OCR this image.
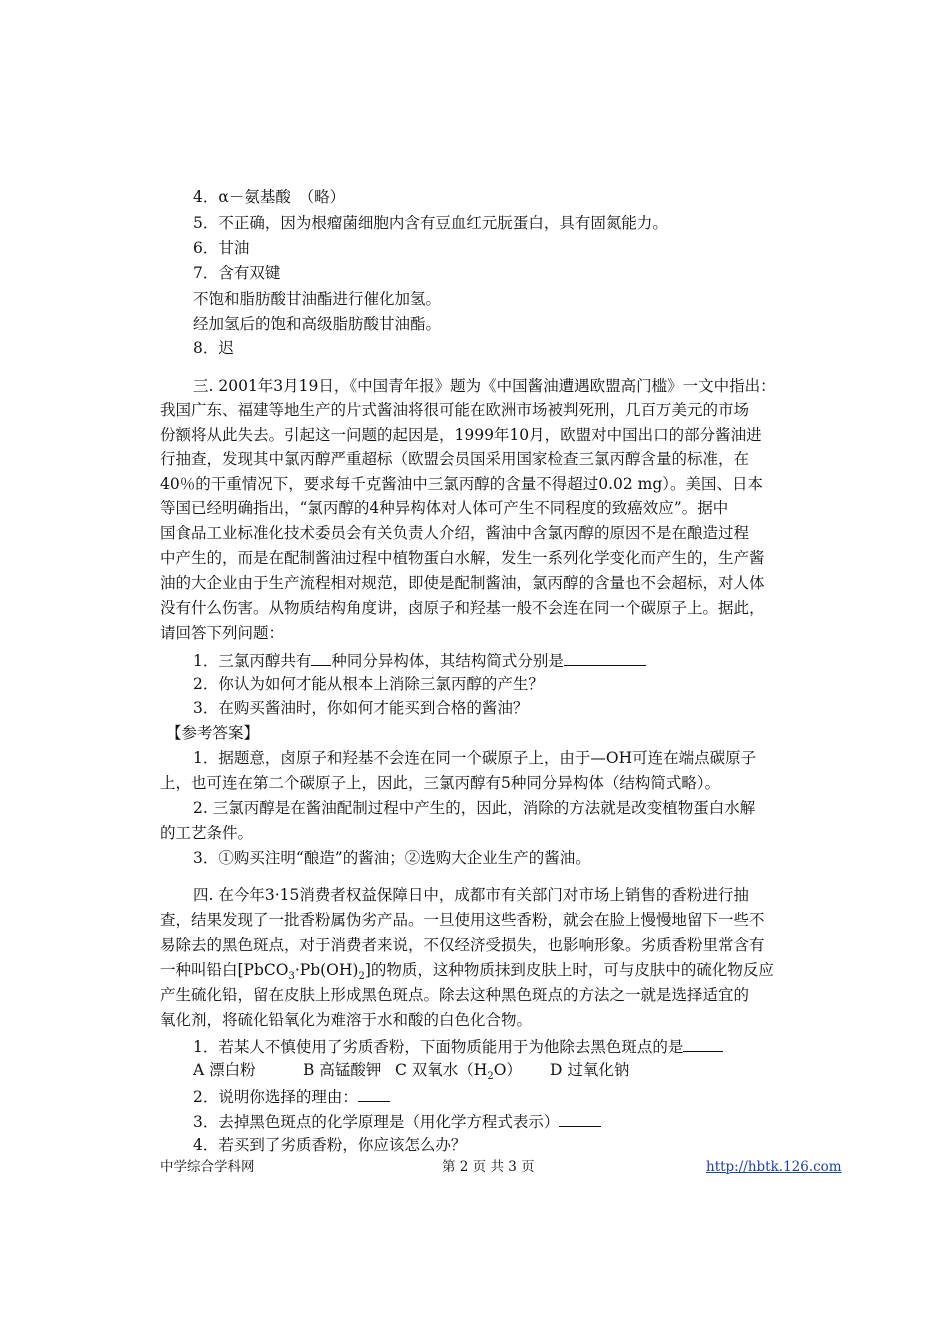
4．α－氨基酸　（略）
5．不正确，因为根瘤菌细胞内含有豆血红元朊蛋白，具有固氮能力。
6．甘油
7．含有双键
不饱和脂肪酸甘油酯进行催化加氢。
经加氢后的饱和高级脂肪酸甘油酯。
8．迟
三. 2001年3月19日，《中国青年报》题为《中国酱油遭遇欧盟高门槛》一文中指出：
我国广东、福建等地生产的片式酱油将很可能在欧洲市场被判死刑，几百万美元的市场
份额将从此失去。引起这一问题的起因是，1999年10月，欧盟对中国出口的部分酱油进
行抽查，发现其中氯丙醇严重超标（欧盟会员国采用国家检查三氯丙醇含量的标准，在
40％的干重情况下，要求每千克酱油中三氯丙醇的含量不得超过0.02 mg）。美国、日本
等国已经明确指出，“氯丙醇的4种异构体对人体可产生不同程度的致癌效应”。据中
国食品工业标准化技术委员会有关负责人介绍，酱油中含氯丙醇的原因不是在酿造过程
中产生的，而是在配制酱油过程中植物蛋白水解，发生一系列化学变化而产生的，生产酱
油的大企业由于生产流程相对规范，即使是配制酱油，氯丙醇的含量也不会超标，对人体
没有什么伤害。从物质结构角度讲，卤原子和羟基一般不会连在同一个碳原子上。据此，
请回答下列问题：
1．三氯丙醇共有 种同分异构体，其结构简式分别是
2．你认为如何才能从根本上消除三氯丙醇的产生？
3．在购买酱油时，你如何才能买到合格的酱油？
【参考答案】
1．据题意，卤原子和羟基不会连在同一个碳原子上，由于—OH可连在端点碳原子
上，也可连在第二个碳原子上，因此，三氯丙醇有5种同分异构体（结构简式略）。
2. 三氯丙醇是在酱油配制过程中产生的，因此，消除的方法就是改变植物蛋白水解
的工艺条件。
3．①购买注明“酿造”的酱油；②选购大企业生产的酱油。
四. 在今年3·15消费者权益保障日中，成都市有关部门对市场上销售的香粉进行抽
查，结果发现了一批香粉属伪劣产品。一旦使用这些香粉，就会在脸上慢慢地留下一些不
易除去的黑色斑点，对于消费者来说，不仅经济受损失，也影响形象。劣质香粉里常含有
一种叫铅白$[PbCO_3\cdot Pb(OH)_2]$的物质，这种物质抹到皮肤上时，可与皮肤中的硫化物反应
产生硫化铅，留在皮肤上形成黑色斑点。除去这种黑色斑点的方法之一就是选择适宜的
氧化剂，将硫化铅氧化为难溶于水和酸的白色化合物。
1．若某人不慎使用了劣质香粉，下面物质能用于为他除去黑色斑点的是
A 漂白粉	B 高锰酸钾 C 双氧水$(H_2O)$ D 过氧化钠
2．说明你选择的理由：
3．去掉黑色斑点的化学原理是（用化学方程式表示）
4．若买到了劣质香粉，你应该怎么办？
中学综合学科网	第 2 页 共 3 页	http://hbtk.126.com
